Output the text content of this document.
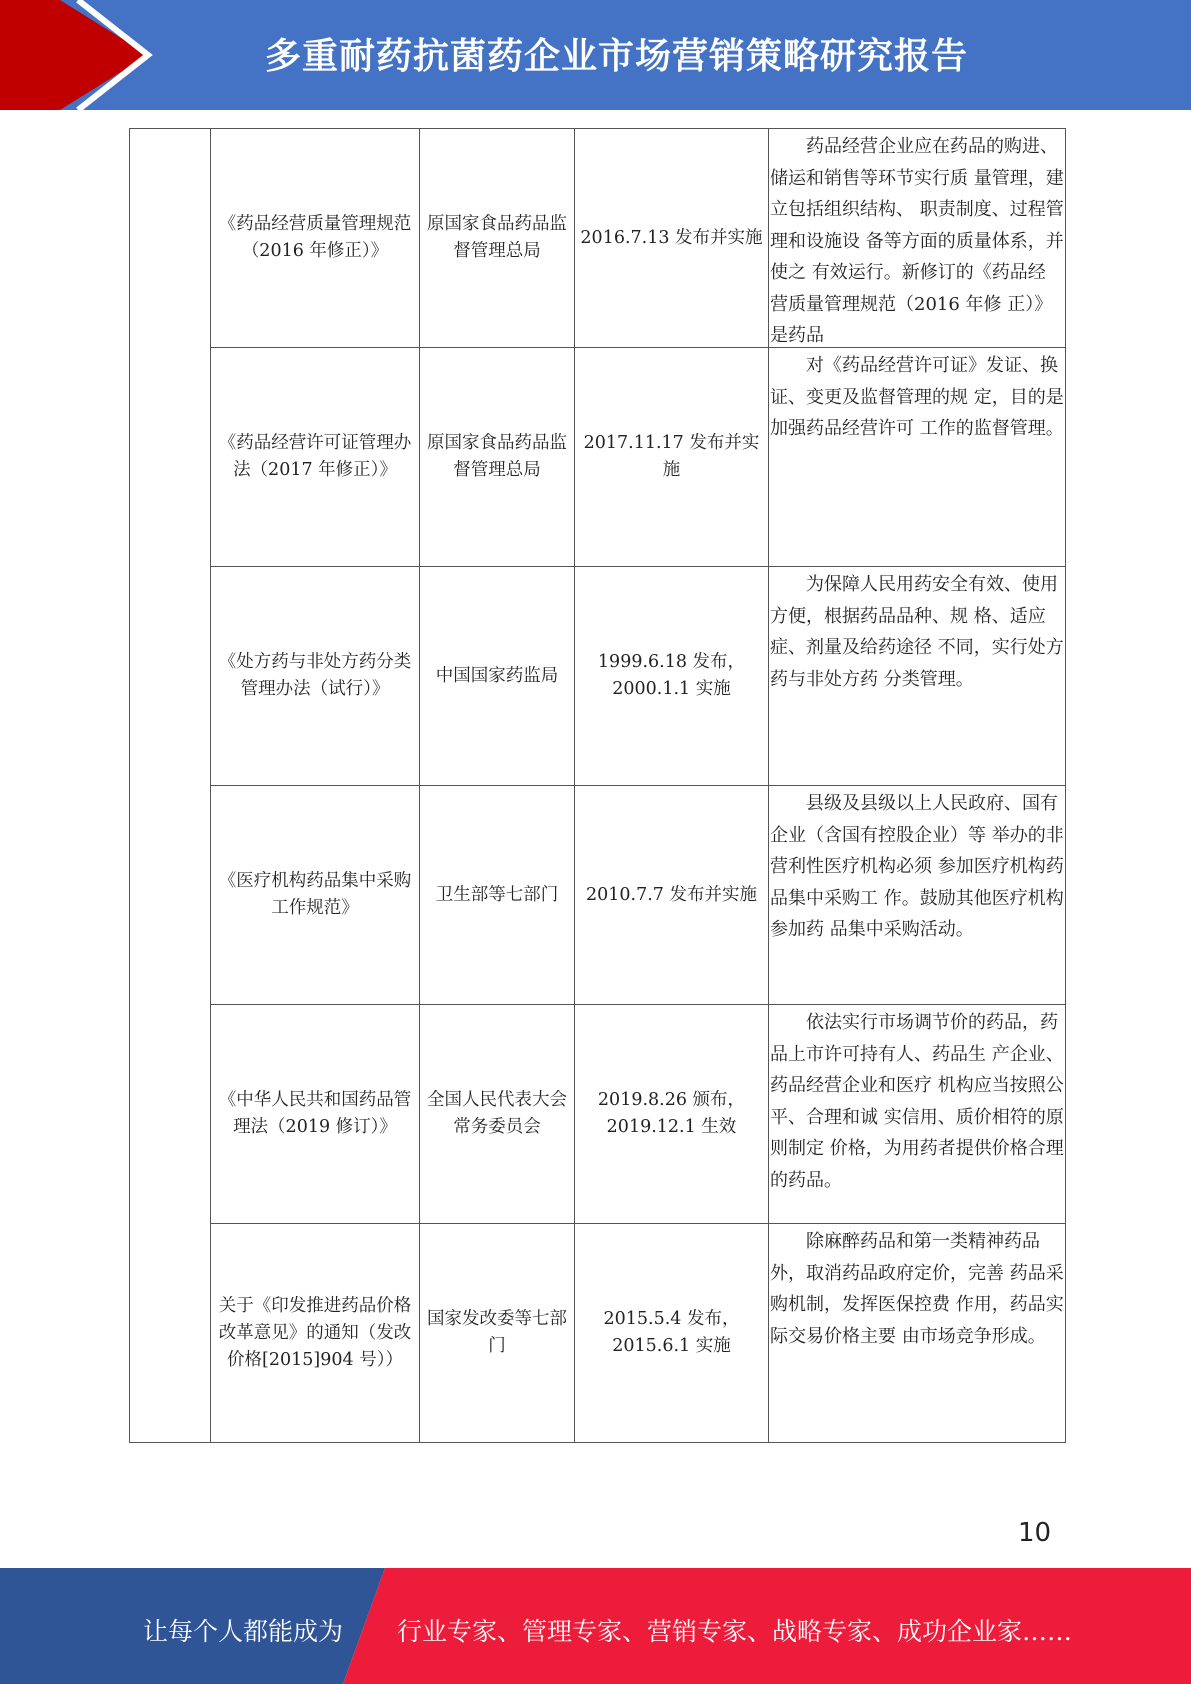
多重耐药抗菌药企业市场营销策略研究报告
	《药品经营质量管理规范（2016 年修正）》	原国家食品药品监督管理总局	2016.7.13 发布并实施	药品经营企业应在药品的购进、储运和销售等环节实行质 量管理，建立包括组织结构、 职责制度、过程管理和设施设 备等方面的质量体系，并使之 有效运行。新修订的《药品经 营质量管理规范（2016 年修 正）》是药品

	《药品经营许可证管理办法（2017 年修正）》	原国家食品药品监督管理总局	2017.11.17 发布并实施	对《药品经营许可证》发证、换证、变更及监督管理的规 定，目的是加强药品经营许可 工作的监督管理。

	《处方药与非处方药分类管理办法（试行）》	中国国家药监局	1999.6.18 发布，2000.1.1 实施	为保障人民用药安全有效、使用方便，根据药品品种、规 格、适应症、剂量及给药途径 不同，实行处方药与非处方药 分类管理。

	《医疗机构药品集中采购工作规范》	卫生部等七部门	2010.7.7 发布并实施	县级及县级以上人民政府、国有企业（含国有控股企业）等 举办的非营利性医疗机构必须 参加医疗机构药品集中采购工 作。鼓励其他医疗机构参加药 品集中采购活动。

	《中华人民共和国药品管理法（2019 修订）》	全国人民代表大会常务委员会	2019.8.26 颁布，2019.12.1 生效	依法实行市场调节价的药品，药品上市许可持有人、药品生 产企业、药品经营企业和医疗 机构应当按照公平、合理和诚 实信用、质价相符的原则制定 价格，为用药者提供价格合理 的药品。

	关于《印发推进药品价格改革意见》的通知（发改价格[2015]904 号））	国家发改委等七部门	2015.5.4 发布，2015.6.1 实施	除麻醉药品和第一类精神药品外，取消药品政府定价，完善 药品采购机制，发挥医保控费 作用，药品实际交易价格主要 由市场竞争形成。
10
让每个人都能成为 行业专家、管理专家、营销专家、战略专家、成功企业家……
